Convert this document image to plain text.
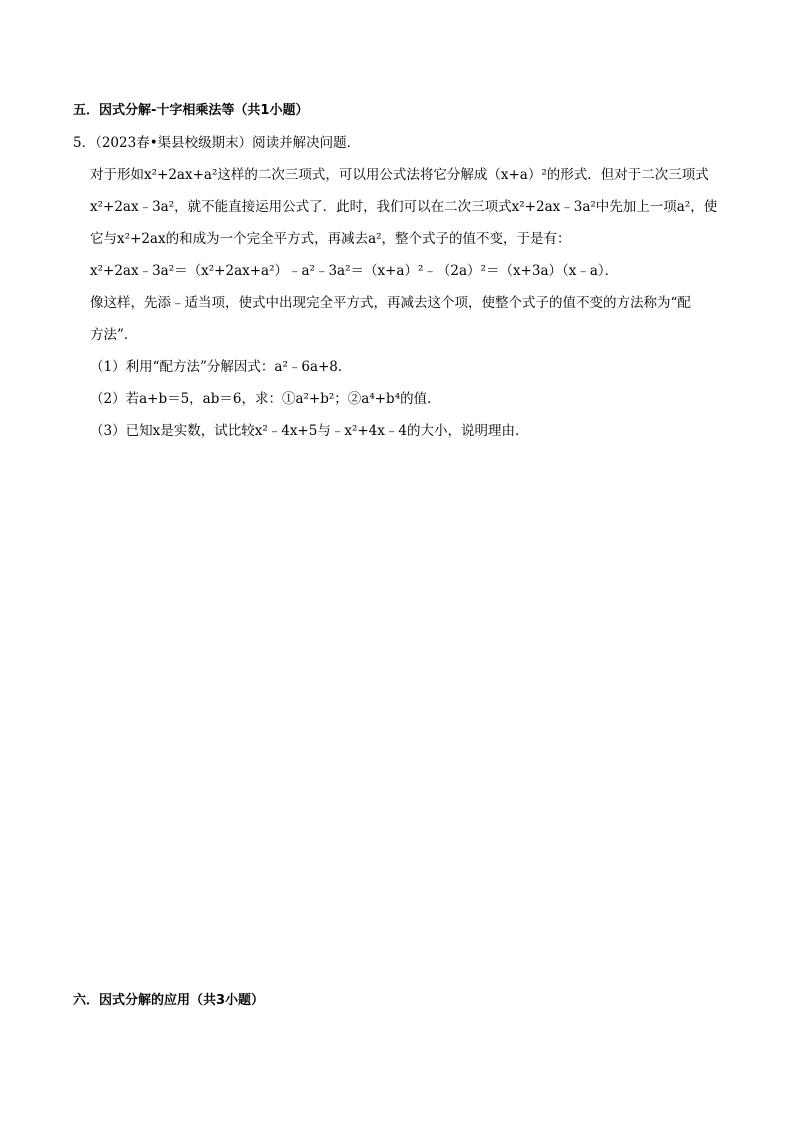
五．因式分解-十字相乘法等（共1小题）
5．（2023春•渠县校级期末）阅读并解决问题．
对于形如x²+2ax+a²这样的二次三项式，可以用公式法将它分解成（x+a）²的形式．但对于二次三项式
x²+2ax﹣3a²，就不能直接运用公式了．此时，我们可以在二次三项式x²+2ax﹣3a²中先加上一项a²，使
它与x²+2ax的和成为一个完全平方式，再减去a²，整个式子的值不变，于是有：
x²+2ax﹣3a²＝（x²+2ax+a²）﹣a²﹣3a²＝（x+a）²﹣（2a）²＝（x+3a）（x﹣a）．
像这样，先添﹣适当项，使式中出现完全平方式，再减去这个项，使整个式子的值不变的方法称为“配
方法”．
（1）利用“配方法”分解因式：a²﹣6a+8．
（2）若a+b＝5，ab＝6，求：①a²+b²；②a⁴+b⁴的值．
（3）已知x是实数，试比较x²﹣4x+5与﹣x²+4x﹣4的大小，说明理由．
六．因式分解的应用（共3小题）
